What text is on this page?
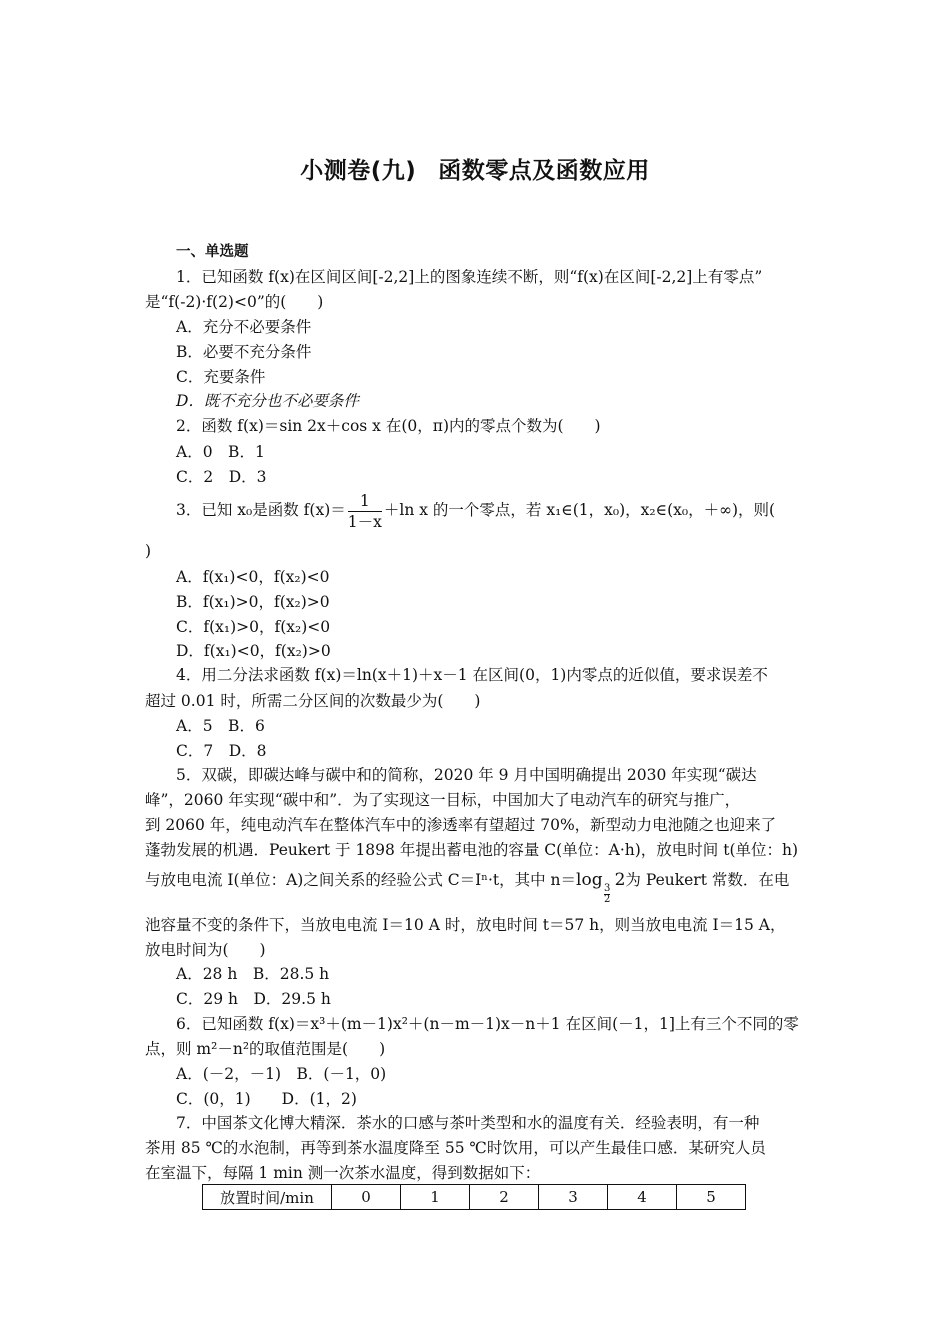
小测卷(九) 函数零点及函数应用
一、单选题
1．已知函数 f(x)在区间区间[-2,2]上的图象连续不断，则“f(x)在区间[-2,2]上有零点”
是“f(-2)·f(2)<0”的(　　)
A．充分不必要条件
B．必要不充分条件
C．充要条件
D．既不充分也不必要条件
2．函数 f(x)＝sin 2x＋cos x 在(0，π)内的零点个数为(　　)
A．0　B．1
C．2　D．3
3．已知 x₀是函数 $f(x)= \frac{1}{1-x} +\ln$ x 的一个零点，若 x₁∈(1，x₀)，x₂∈(x₀，＋∞)，则(
)
A．f(x₁)<0，f(x₂)<0
B．f(x₁)>0，f(x₂)>0
C．f(x₁)>0，f(x₂)<0
D．f(x₁)<0，f(x₂)>0
4．用二分法求函数 f(x)＝ln(x＋1)＋x－1 在区间(0，1)内零点的近似值，要求误差不
超过 0.01 时，所需二分区间的次数最少为(　　)
A．5　B．6
C．7　D．8
5．双碳，即碳达峰与碳中和的简称，2020 年 9 月中国明确提出 2030 年实现“碳达
峰”，2060 年实现“碳中和”．为了实现这一目标，中国加大了电动汽车的研究与推广，
到 2060 年，纯电动汽车在整体汽车中的渗透率有望超过 70%，新型动力电池随之也迎来了
蓬勃发展的机遇．Peukert 于 1898 年提出蓄电池的容量 C(单位：A·h)，放电时间 t(单位：h)
与放电电流 I(单位：A)之间关系的经验公式 C＝Iⁿ·t，其中 n＝log
$\frac{3}{2}$
2为 Peukert 常数．在电
池容量不变的条件下，当放电电流 I＝10 A 时，放电时间 t＝57 h，则当放电电流 I＝15 A，
放电时间为(　　)
A．28 h　B．28.5 h
C．29 h　D．29.5 h
6．已知函数 f(x)＝x³＋(m－1)x²＋(n－m－1)x－n＋1 在区间(－1，1]上有三个不同的零
点，则 m²－n²的取值范围是(　　)
A．(－2，－1)　B．(－1，0)
C．(0，1)　　D．(1，2)
7．中国茶文化博大精深．茶水的口感与茶叶类型和水的温度有关．经验表明，有一种
茶用 85 ℃的水泡制，再等到茶水温度降至 55 ℃时饮用，可以产生最佳口感．某研究人员
在室温下，每隔 1 min 测一次茶水温度，得到数据如下：
放置时间/min	0	1	2	3	4	5
